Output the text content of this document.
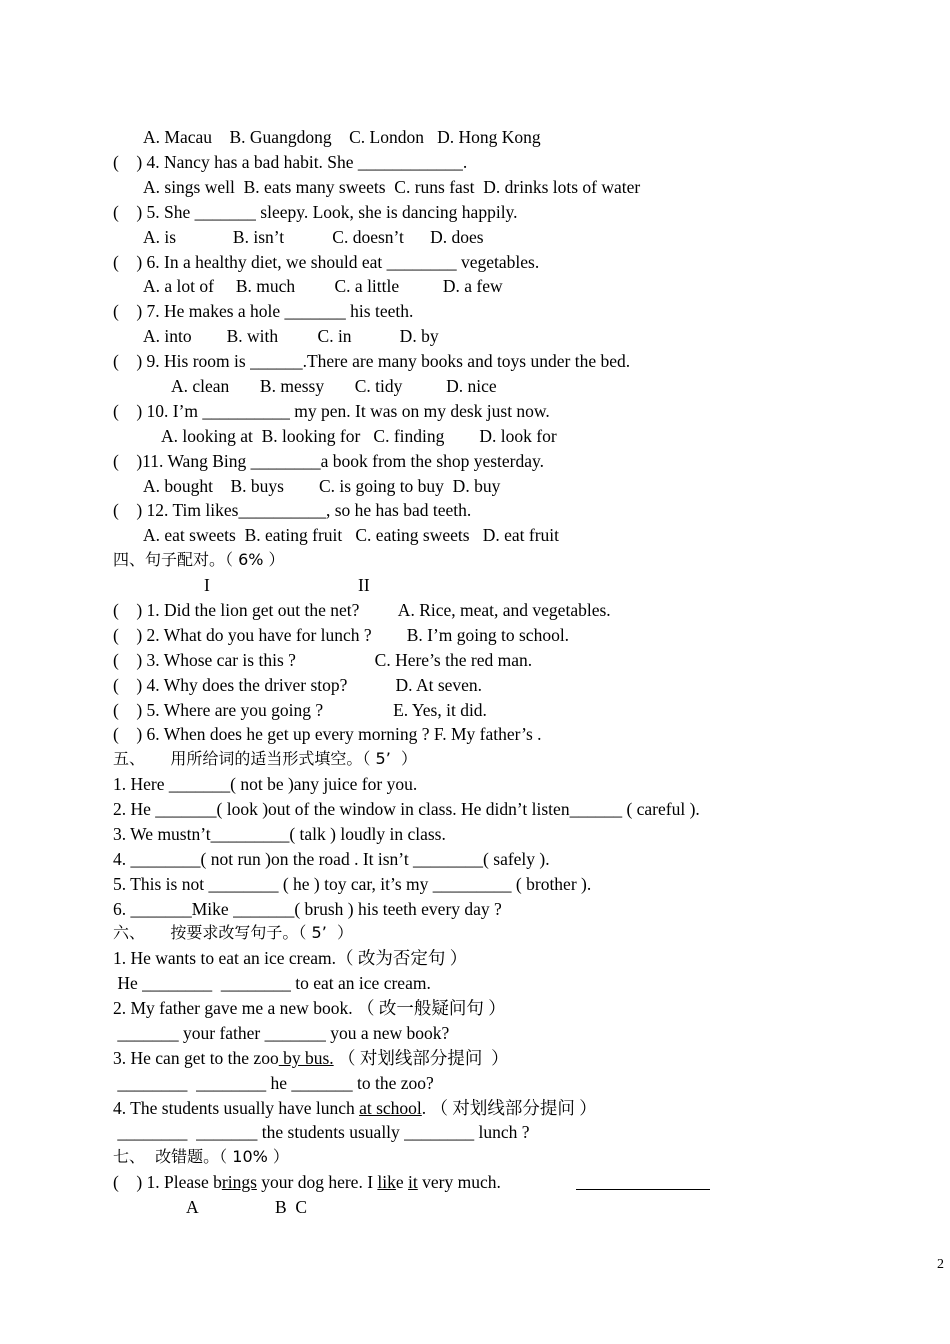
A. Macau    B. Guangdong    C. London   D. Hong Kong
(    ) 4. Nancy has a bad habit. She ____________.
A. sings well  B. eats many sweets  C. runs fast  D. drinks lots of water
(    ) 5. She _______ sleepy. Look, she is dancing happily.
A. is             B. isn’t           C. doesn’t      D. does
(    ) 6. In a healthy diet, we should eat ________ vegetables.
A. a lot of     B. much         C. a little          D. a few
(    ) 7. He makes a hole _______ his teeth.
A. into        B. with         C. in           D. by
(    ) 9. His room is ______.There are many books and toys under the bed.
A. clean       B. messy       C. tidy          D. nice
(    ) 10. I’m __________ my pen. It was on my desk just now.
A. looking at  B. looking for   C. finding        D. look for
(    )11. Wang Bing ________a book from the shop yesterday.
A. bought    B. buys        C. is going to buy  D. buy
(    ) 12. Tim likes__________, so he has bad teeth.
A. eat sweets  B. eating fruit   C. eating sweets   D. eat fruit
四、句子配对。（ 6% ）
I	II
(    ) 1. Did the lion get out the net?         A. Rice, meat, and vegetables.
(    ) 2. What do you have for lunch ?        B. I’m going to school.
(    ) 3. Whose car is this ?                  C. Here’s the red man.
(    ) 4. Why does the driver stop?           D. At seven.
(    ) 5. Where are you going ?                E. Yes, it did.
(    ) 6. When does he get up every morning ? F. My father’s .
五、     用所给词的适当形式填空。（ 5’  ）
1. Here _______( not be )any juice for you.
2. He _______( look )out of the window in class. He didn’t listen______ ( careful ).
3. We mustn’t_________( talk ) loudly in class.
4. ________( not run )on the road . It isn’t ________( safely ).
5. This is not ________ ( he ) toy car, it’s my _________ ( brother ).
6. _______Mike _______( brush ) his teeth every day ?
六、     按要求改写句子。（ 5’  ）
1. He wants to eat an ice cream.（ 改为否定句 ）
He ________  ________ to eat an ice cream.
2. My father gave me a new book. （ 改一般疑问句 ）
_______ your father _______ you a new book?
3. He can get to the zoo by bus. （ 对划线部分提问  ）
________  ________ he _______ to the zoo?
4. The students usually have lunch at school. （ 对划线部分提问 ）
________  _______ the students usually ________ lunch ?
七、  改错题。（ 10% ）
(    ) 1. Please brings your dog here. I like it very much.
A	B  C
2
